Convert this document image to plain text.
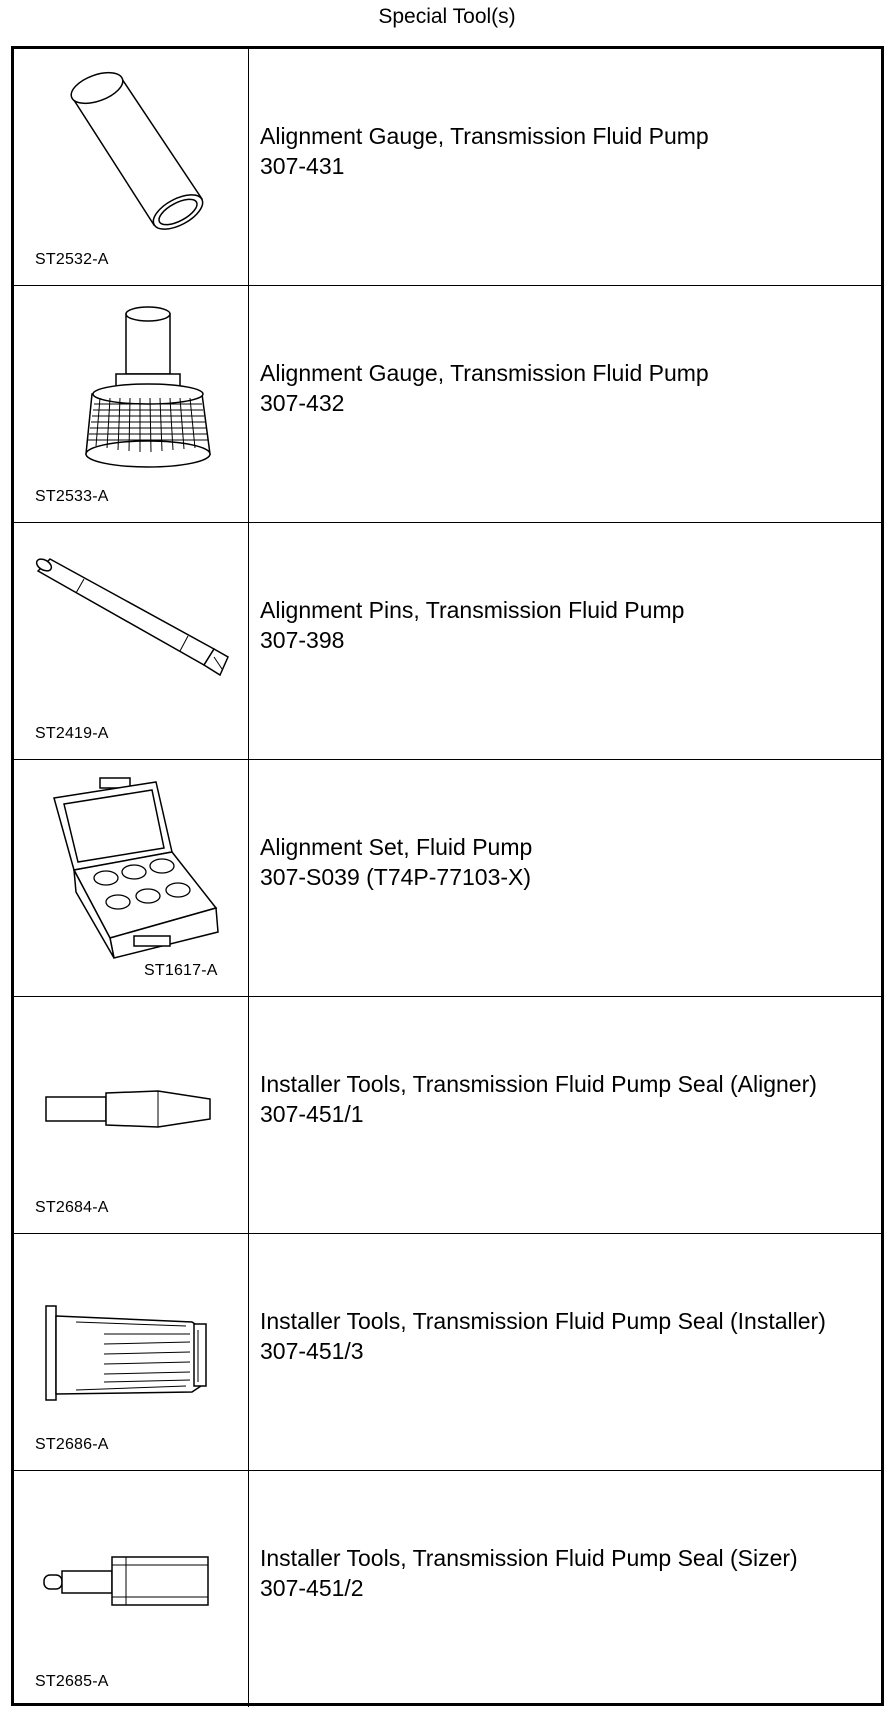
Special Tool(s)
ST2532-A
Alignment Gauge, Transmission Fluid Pump
307-431
ST2533-A
Alignment Gauge, Transmission Fluid Pump
307-432
ST2419-A
Alignment Pins, Transmission Fluid Pump
307-398
ST1617-A
Alignment Set, Fluid Pump
307-S039 (T74P-77103-X)
ST2684-A
Installer Tools, Transmission Fluid Pump Seal (Aligner)
307-451/1
ST2686-A
Installer Tools, Transmission Fluid Pump Seal (Installer)
307-451/3
ST2685-A
Installer Tools, Transmission Fluid Pump Seal (Sizer)
307-451/2
